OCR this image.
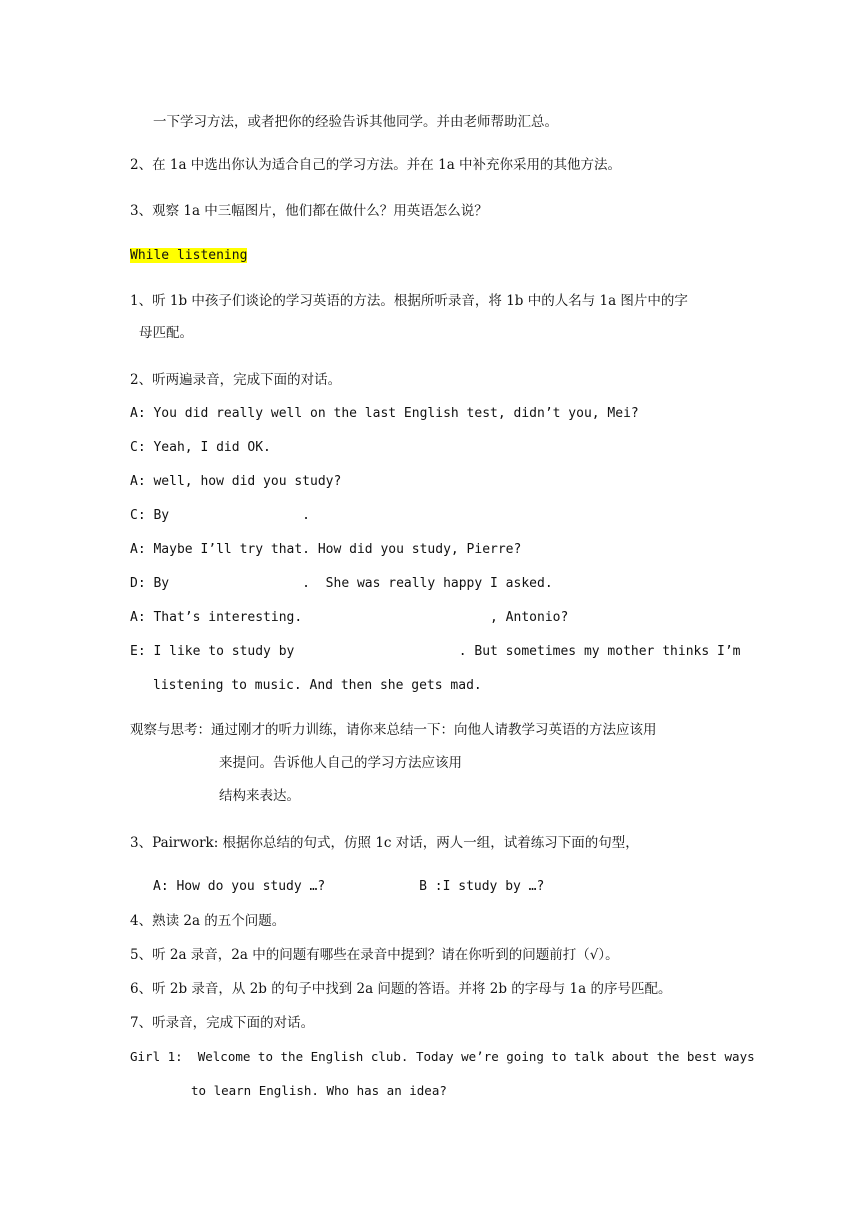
一下学习方法，或者把你的经验告诉其他同学。并由老师帮助汇总。
2、在 1a 中选出你认为适合自己的学习方法。并在 1a 中补充你采用的其他方法。
3、观察 1a 中三幅图片，他们都在做什么？用英语怎么说？
While listening
1、听 1b 中孩子们谈论的学习英语的方法。根据所听录音，将 1b 中的人名与 1a 图片中的字
母匹配。
2、听两遍录音，完成下面的对话。
A: You did really well on the last English test, didn’t you, Mei?
C: Yeah, I did OK.
A: well, how did you study?
C: By                 .
A: Maybe I’ll try that. How did you study, Pierre?
D: By                 .  She was really happy I asked.
A: That’s interesting.                        , Antonio?
E: I like to study by                     . But sometimes my mother thinks I’m
listening to music. And then she gets mad.
观察与思考：通过刚才的听力训练，请你来总结一下：向他人请教学习英语的方法应该用
来提问。告诉他人自己的学习方法应该用
结构来表达。
3、Pairwork: 根据你总结的句式，仿照 1c 对话，两人一组，试着练习下面的句型，
A: How do you study …?            B :I study by …?
4、熟读 2a 的五个问题。
5、听 2a 录音，2a 中的问题有哪些在录音中提到？请在你听到的问题前打（√）。
6、听 2b 录音，从 2b 的句子中找到 2a 问题的答语。并将 2b 的字母与 1a 的序号匹配。
7、听录音，完成下面的对话。
Girl 1:  Welcome to the English club. Today we’re going to talk about the best ways
to learn English. Who has an idea?
